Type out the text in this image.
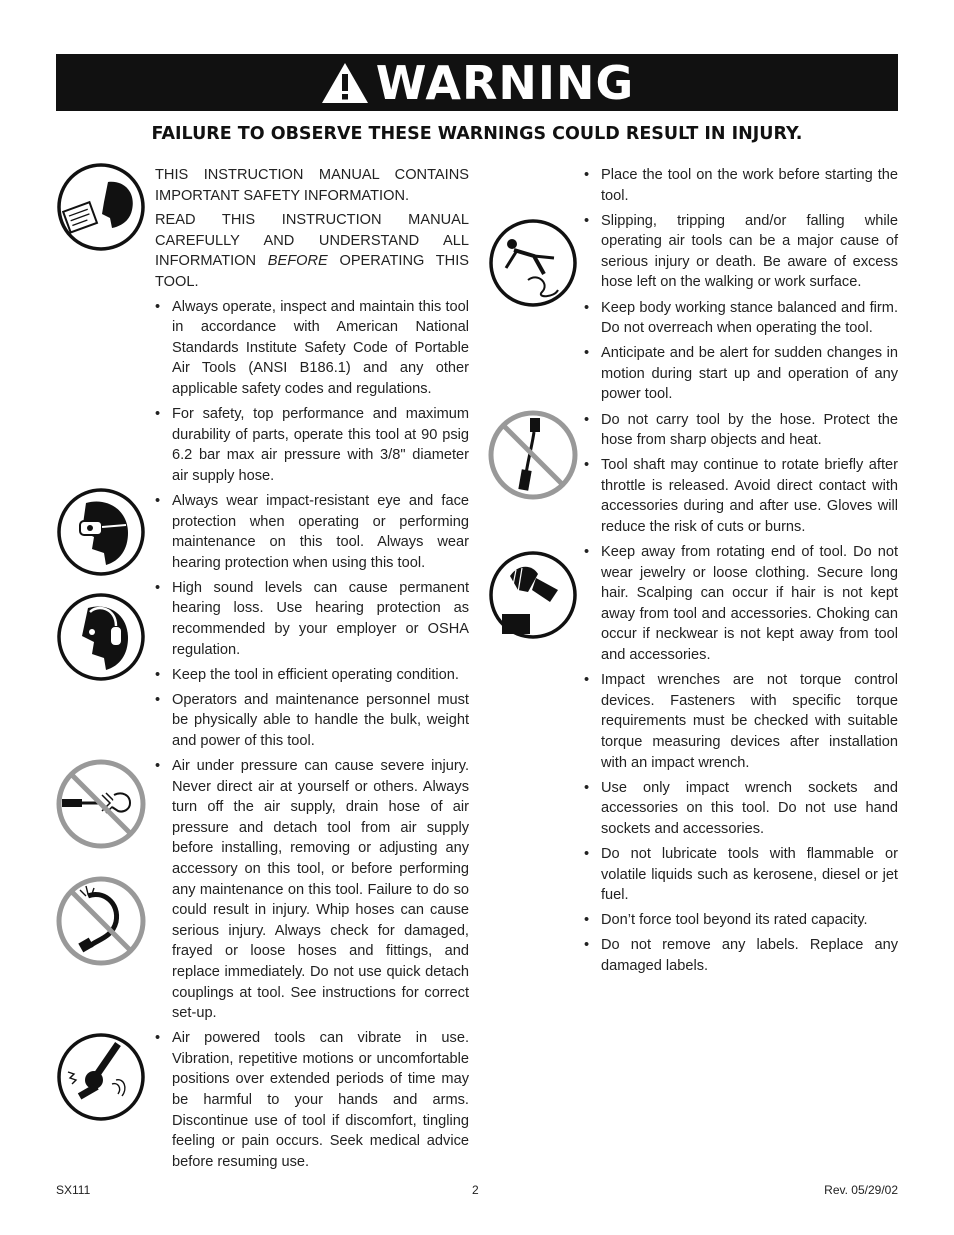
WARNING
FAILURE TO OBSERVE THESE WARNINGS COULD RESULT IN INJURY.

THIS INSTRUCTION MANUAL CONTAINS IMPORTANT SAFETY INFORMATION.

READ THIS INSTRUCTION MANUAL CAREFULLY AND UNDERSTAND ALL INFORMATION BEFORE OPERATING THIS TOOL.

• Always operate, inspect and maintain this tool in accordance with American National Standards Institute Safety Code of Portable Air Tools (ANSI B186.1) and any other applicable safety codes and regulations.
• For safety, top performance and maximum durability of parts, operate this tool at 90 psig 6.2 bar max air pressure with 3/8" diameter air supply hose.
• Always wear impact-resistant eye and face protection when operating or performing maintenance on this tool. Always wear hearing protection when using this tool.
• High sound levels can cause permanent hearing loss. Use hearing protection as recommended by your employer or OSHA regulation.
• Keep the tool in efficient operating condition.
• Operators and maintenance personnel must be physically able to handle the bulk, weight and power of this tool.
• Air under pressure can cause severe injury. Never direct air at yourself or others. Always turn off the air supply, drain hose of air pressure and detach tool from air supply before installing, removing or adjusting any accessory on this tool, or before performing any maintenance on this tool. Failure to do so could result in injury. Whip hoses can cause serious injury. Always check for damaged, frayed or loose hoses and fittings, and replace immediately. Do not use quick detach couplings at tool. See instructions for correct set-up.
• Air powered tools can vibrate in use. Vibration, repetitive motions or uncomfortable positions over extended periods of time may be harmful to your hands and arms. Discontinue use of tool if discomfort, tingling feeling or pain occurs. Seek medical advice before resuming use.
• Place the tool on the work before starting the tool.
• Slipping, tripping and/or falling while operating air tools can be a major cause of serious injury or death. Be aware of excess hose left on the walking or work surface.
• Keep body working stance balanced and firm. Do not overreach when operating the tool.
• Anticipate and be alert for sudden changes in motion during start up and operation of any power tool.
• Do not carry tool by the hose. Protect the hose from sharp objects and heat.
• Tool shaft may continue to rotate briefly after throttle is released. Avoid direct contact with accessories during and after use. Gloves will reduce the risk of cuts or burns.
• Keep away from rotating end of tool. Do not wear jewelry or loose clothing. Secure long hair. Scalping can occur if hair is not kept away from tool and accessories. Choking can occur if neckwear is not kept away from tool and accessories.
• Impact wrenches are not torque control devices. Fasteners with specific torque requirements must be checked with suitable torque measuring devices after installation with an impact wrench.
• Use only impact wrench sockets and accessories on this tool. Do not use hand sockets and accessories.
• Do not lubricate tools with flammable or volatile liquids such as kerosene, diesel or jet fuel.
• Don’t force tool beyond its rated capacity.
• Do not remove any labels. Replace any damaged labels.
SX111	2	Rev. 05/29/02
